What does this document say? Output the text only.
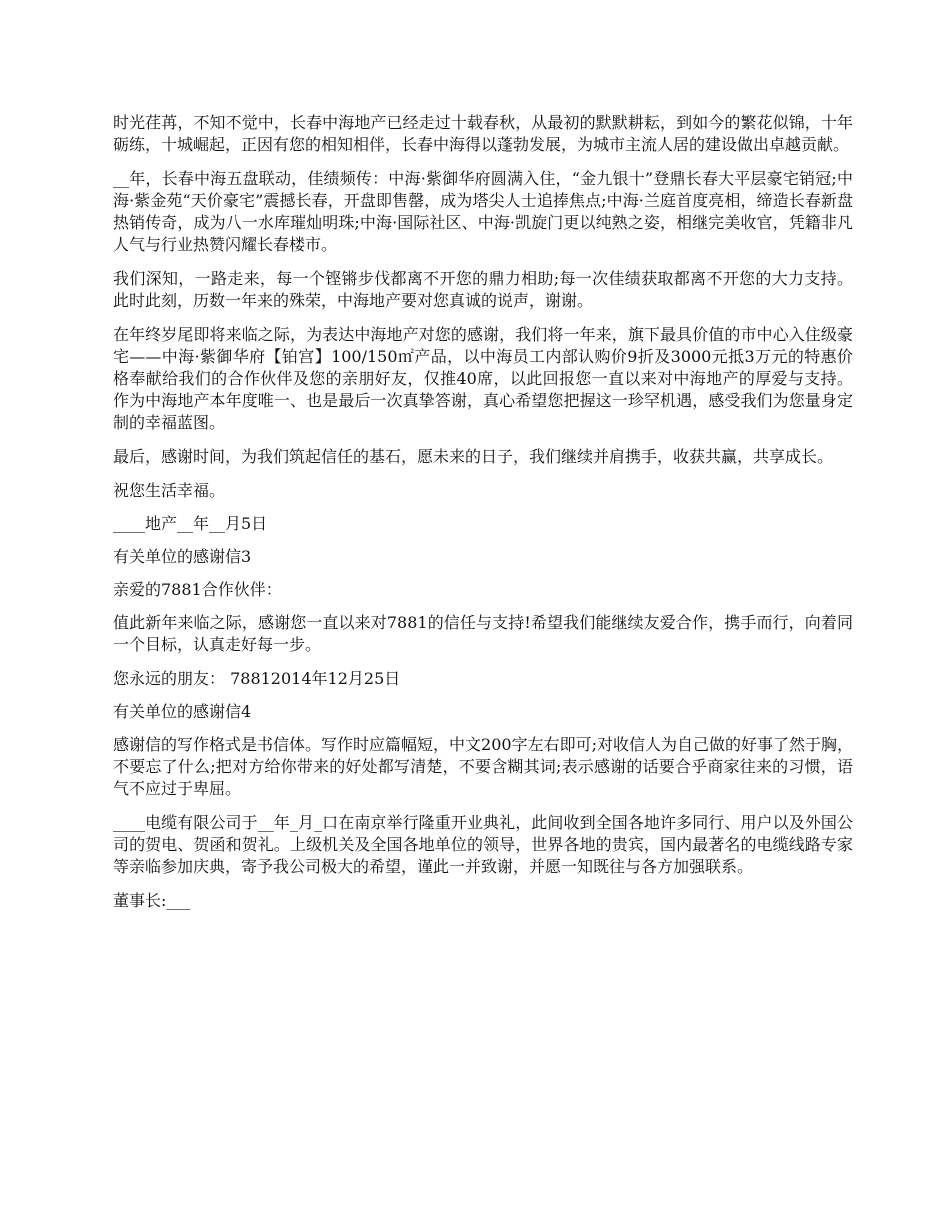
时光荏苒，不知不觉中，长春中海地产已经走过十载春秋，从最初的默默耕耘，到如今的繁花似锦，十年砺练，十城崛起，正因有您的相知相伴，长春中海得以蓬勃发展，为城市主流人居的建设做出卓越贡献。

__年，长春中海五盘联动，佳绩频传：中海·紫御华府圆满入住，“金九银十”登鼎长春大平层豪宅销冠;中海·紫金苑“天价豪宅”震撼长春，开盘即售罄，成为塔尖人士追捧焦点;中海·兰庭首度亮相，缔造长春新盘热销传奇，成为八一水库璀灿明珠;中海·国际社区、中海·凯旋门更以纯熟之姿，相继完美收官，凭籍非凡人气与行业热赞闪耀长春楼市。

我们深知，一路走来，每一个铿锵步伐都离不开您的鼎力相助;每一次佳绩获取都离不开您的大力支持。此时此刻，历数一年来的殊荣，中海地产要对您真诚的说声，谢谢。

在年终岁尾即将来临之际，为表达中海地产对您的感谢，我们将一年来，旗下最具价值的市中心入住级豪宅——中海·紫御华府【铂宫】100/150㎡产品，以中海员工内部认购价9折及3000元抵3万元的特惠价格奉献给我们的合作伙伴及您的亲朋好友，仅推40席，以此回报您一直以来对中海地产的厚爱与支持。作为中海地产本年度唯一、也是最后一次真挚答谢，真心希望您把握这一珍罕机遇，感受我们为您量身定制的幸福蓝图。

最后，感谢时间，为我们筑起信任的基石，愿未来的日子，我们继续并肩携手，收获共赢，共享成长。

祝您生活幸福。

____地产__年__月5日

有关单位的感谢信3

亲爱的7881合作伙伴：

值此新年来临之际，感谢您一直以来对7881的信任与支持!希望我们能继续友爱合作，携手而行，向着同一个目标，认真走好每一步。

您永远的朋友： 78812014年12月25日

有关单位的感谢信4

感谢信的写作格式是书信体。写作时应篇幅短，中文200字左右即可;对收信人为自己做的好事了然于胸，不要忘了什么;把对方给你带来的好处都写清楚，不要含糊其词;表示感谢的话要合乎商家往来的习惯，语气不应过于卑屈。

____电缆有限公司于__年_月_口在南京举行隆重开业典礼，此间收到全国各地许多同行、用户以及外国公司的贺电、贺函和贺礼。上级机关及全国各地单位的领导，世界各地的贵宾，国内最著名的电缆线路专家等亲临参加庆典，寄予我公司极大的希望，谨此一并致谢，并愿一知既往与各方加强联系。

董事长:___
